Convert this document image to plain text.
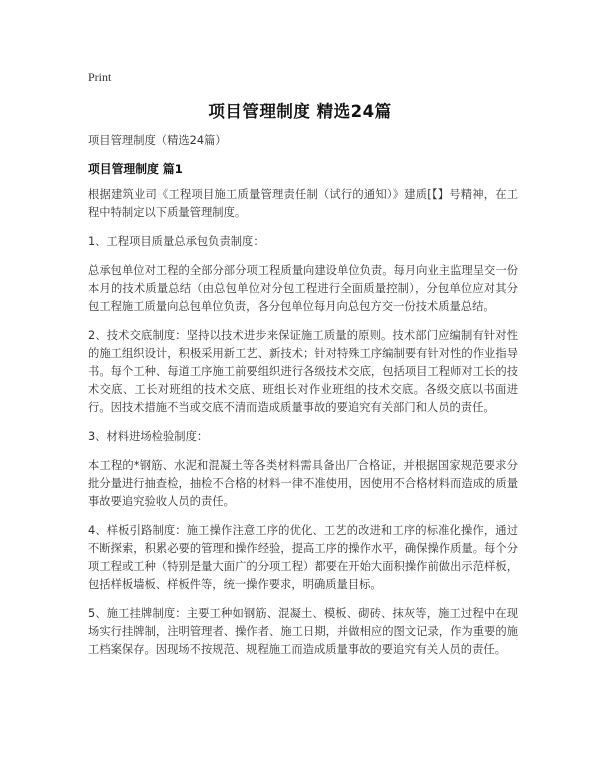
Print
项目管理制度 精选24篇

项目管理制度（精选24篇）

项目管理制度 篇1

根据建筑业司《工程项目施工质量管理责任制（试行的通知）》建质[【】号精神，在工程中特制定以下质量管理制度。

1、工程项目质量总承包负责制度：

总承包单位对工程的全部分部分项工程质量向建设单位负责。每月向业主监理呈交一份本月的技术质量总结（由总包单位对分包工程进行全面质量控制），分包单位应对其分包工程施工质量向总包单位负责，各分包单位每月向总包方交一份技术质量总结。

2、技术交底制度：坚持以技术进步来保证施工质量的原则。技术部门应编制有针对性的施工组织设计，积极采用新工艺、新技术；针对特殊工序编制要有针对性的作业指导书。每个工种、每道工序施工前要组织进行各级技术交底，包括项目工程师对工长的技术交底、工长对班组的技术交底、班组长对作业班组的技术交底。各级交底以书面进行。因技术措施不当或交底不清而造成质量事故的要追究有关部门和人员的责任。

3、材料进场检验制度：

本工程的*钢筋、水泥和混凝土等各类材料需具备出厂合格证，并根据国家规范要求分批分量进行抽查检，抽检不合格的材料一律不准使用，因使用不合格材料而造成的质量事故要追究验收人员的责任。

4、样板引路制度：施工操作注意工序的优化、工艺的改进和工序的标准化操作，通过不断探索，积累必要的管理和操作经验，提高工序的操作水平，确保操作质量。每个分项工程或工种（特别是量大面广的分项工程）都要在开始大面积操作前做出示范样板，包括样板墙板、样板件等，统一操作要求，明确质量目标。

5、施工挂牌制度：主要工种如钢筋、混凝土、模板、砌砖、抹灰等，施工过程中在现场实行挂牌制，注明管理者、操作者、施工日期，并做相应的图文记录，作为重要的施工档案保存。因现场不按规范、规程施工而造成质量事故的要追究有关人员的责任。
